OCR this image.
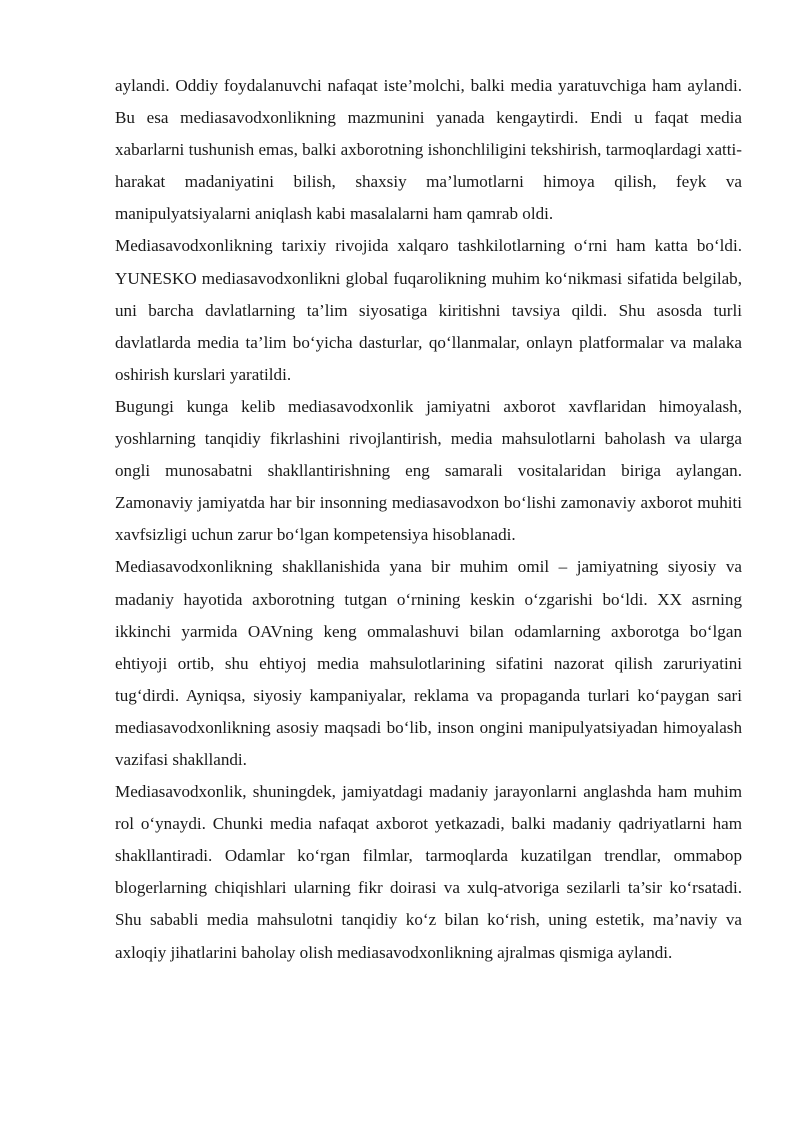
aylandi. Oddiy foydalanuvchi nafaqat iste’molchi, balki media yaratuvchiga ham aylandi. Bu esa mediasavodxonlikning mazmunini yanada kengaytirdi. Endi u faqat media xabarlarni tushunish emas, balki axborotning ishonchliligini tekshirish, tarmoqlardagi xatti-harakat madaniyatini bilish, shaxsiy ma’lumotlarni himoya qilish, feyk va manipulyatsiyalarni aniqlash kabi masalalarni ham qamrab oldi.

Mediasavodxonlikning tarixiy rivojida xalqaro tashkilotlarning o‘rni ham katta bo‘ldi. YUNESKO mediasavodxonlikni global fuqarolikning muhim ko‘nikmasi sifatida belgilab, uni barcha davlatlarning ta’lim siyosatiga kiritishni tavsiya qildi. Shu asosda turli davlatlarda media ta’lim bo‘yicha dasturlar, qo‘llanmalar, onlayn platformalar va malaka oshirish kurslari yaratildi.

Bugungi kunga kelib mediasavodxonlik jamiyatni axborot xavflaridan himoyalash, yoshlarning tanqidiy fikrlashini rivojlantirish, media mahsulotlarni baholash va ularga ongli munosabatni shakllantirishning eng samarali vositalaridan biriga aylangan. Zamonaviy jamiyatda har bir insonning mediasavodxon bo‘lishi zamonaviy axborot muhiti xavfsizligi uchun zarur bo‘lgan kompetensiya hisoblanadi.

Mediasavodxonlikning shakllanishida yana bir muhim omil – jamiyatning siyosiy va madaniy hayotida axborotning tutgan o‘rnining keskin o‘zgarishi bo‘ldi. XX asrning ikkinchi yarmida OAVning keng ommalashuvi bilan odamlarning axborotga bo‘lgan ehtiyoji ortib, shu ehtiyoj media mahsulotlarining sifatini nazorat qilish zaruriyatini tug‘dirdi. Ayniqsa, siyosiy kampaniyalar, reklama va propaganda turlari ko‘paygan sari mediasavodxonlikning asosiy maqsadi bo‘lib, inson ongini manipulyatsiyadan himoyalash vazifasi shakllandi.

Mediasavodxonlik, shuningdek, jamiyatdagi madaniy jarayonlarni anglashda ham muhim rol o‘ynaydi. Chunki media nafaqat axborot yetkazadi, balki madaniy qadriyatlarni ham shakllantiradi. Odamlar ko‘rgan filmlar, tarmoqlarda kuzatilgan trendlar, ommabop blogerlarning chiqishlari ularning fikr doirasi va xulq-atvoriga sezilarli ta’sir ko‘rsatadi. Shu sababli media mahsulotni tanqidiy ko‘z bilan ko‘rish, uning estetik, ma’naviy va axloqiy jihatlarini baholay olish mediasavodxonlikning ajralmas qismiga aylandi.
